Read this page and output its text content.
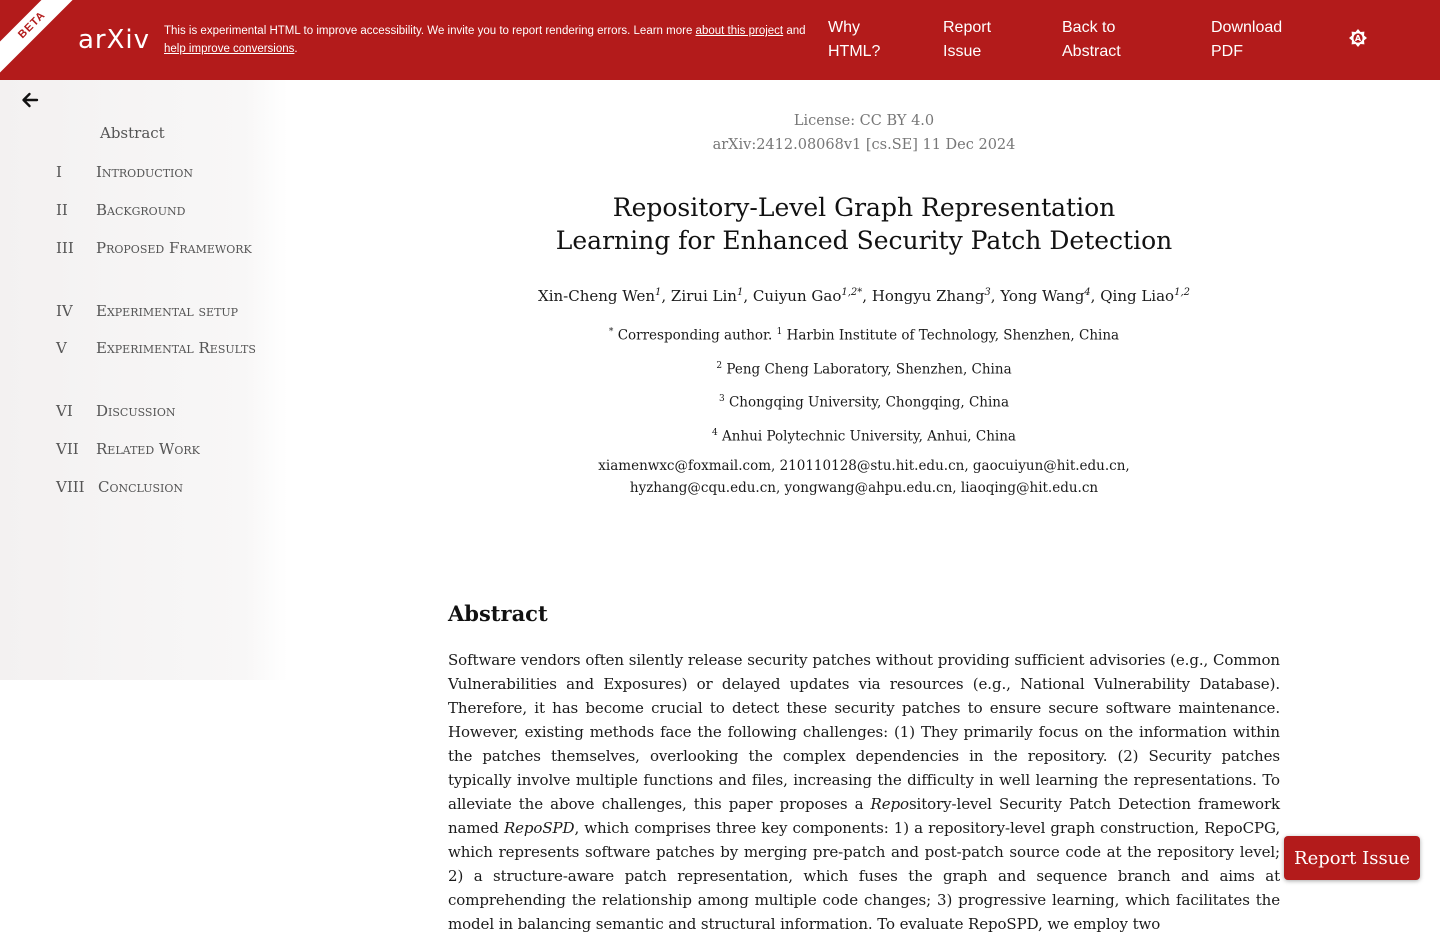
BETA	arXiv This is experimental HTML to improve accessibility. We invite you to report rendering errors. Learn more about this project and help improve conversions.
Why HTML?
Report Issue
Back to Abstract
Download PDF
A
Abstract
I Introduction
II Background
III Proposed Framework
IV Experimental setup
V Experimental Results
VI Discussion
VII Related Work
VIII Conclusion
License: CC BY 4.0
arXiv:2412.08068v1 [cs.SE] 11 Dec 2024
Repository-Level Graph Representation
Learning for Enhanced Security Patch Detection
Xin-Cheng Wen$^1$, Zirui Lin$^1$, Cuiyun Gao$^{1,2*}$, Hongyu Zhang$^3$, Yong Wang$^4$, Qing Liao$^{1,2}$
* Corresponding author. $^1$ Harbin Institute of Technology, Shenzhen, China
$^2$ Peng Cheng Laboratory, Shenzhen, China
$^3$ Chongqing University, Chongqing, China
$^4$ Anhui Polytechnic University, Anhui, China
xiamenwxc@foxmail.com, 210110128@stu.hit.edu.cn, gaocuiyun@hit.edu.cn,
hyzhang@cqu.edu.cn, yongwang@ahpu.edu.cn, liaoqing@hit.edu.cn
Abstract

Software vendors often silently release security patches without providing sufficient advisories (e.g., Common Vulnerabilities and Exposures) or delayed updates via resources (e.g., National Vulnerability Database). Therefore, it has become crucial to detect these security patches to ensure secure software maintenance. However, existing methods face the following challenges: (1) They primarily focus on the information within the patches themselves, overlooking the complex dependencies in the repository. (2) Security patches typically involve multiple functions and files, increasing the difficulty in well learning the representations. To alleviate the above challenges, this paper proposes a Repository-level Security Patch Detection framework named RepoSPD, which comprises three key components: 1) a repository-level graph construction, RepoCPG, which represents software patches by merging pre-patch and post-patch source code at the repository level; 2) a structure-aware patch representation, which fuses the graph and sequence branch and aims at comprehending the relationship among multiple code changes; 3) progressive learning, which facilitates the model in balancing semantic and structural information. To evaluate RepoSPD, we employ two

Report Issue
